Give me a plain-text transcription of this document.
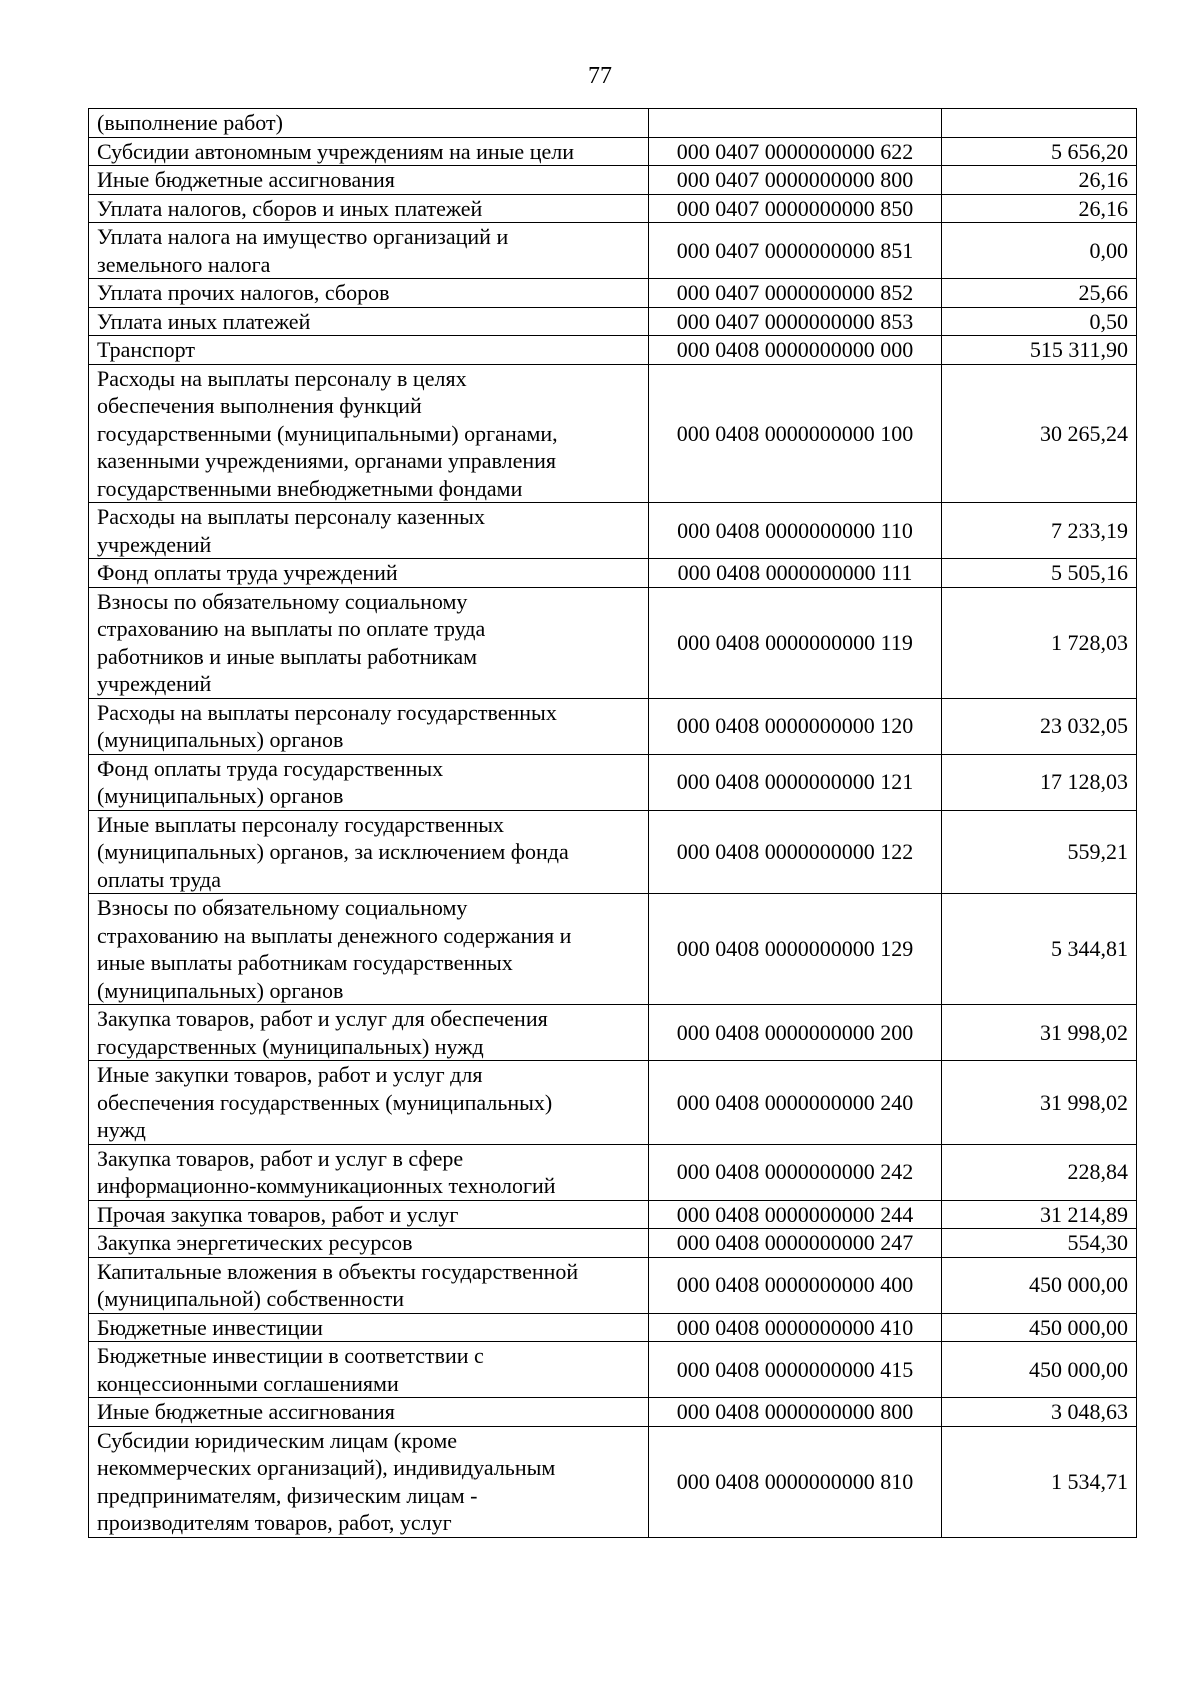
77
(выполнение работ)		

Субсидии автономным учреждениям на иные цели	000 0407 0000000000 622	5 656,20

Иные бюджетные ассигнования	000 0407 0000000000 800	26,16

Уплата налогов, сборов и иных платежей	000 0407 0000000000 850	26,16

Уплата налога на имущество организаций и
земельного налога	000 0407 0000000000 851	0,00

Уплата прочих налогов, сборов	000 0407 0000000000 852	25,66

Уплата иных платежей	000 0407 0000000000 853	0,50

Транспорт	000 0408 0000000000 000	515 311,90

Расходы на выплаты персоналу в целях
обеспечения выполнения функций
государственными (муниципальными) органами,
казенными учреждениями, органами управления
государственными внебюджетными фондами	000 0408 0000000000 100	30 265,24

Расходы на выплаты персоналу казенных
учреждений	000 0408 0000000000 110	7 233,19

Фонд оплаты труда учреждений	000 0408 0000000000 111	5 505,16

Взносы по обязательному социальному
страхованию на выплаты по оплате труда
работников и иные выплаты работникам
учреждений	000 0408 0000000000 119	1 728,03

Расходы на выплаты персоналу государственных
(муниципальных) органов	000 0408 0000000000 120	23 032,05

Фонд оплаты труда государственных
(муниципальных) органов	000 0408 0000000000 121	17 128,03

Иные выплаты персоналу государственных
(муниципальных) органов, за исключением фонда
оплаты труда	000 0408 0000000000 122	559,21

Взносы по обязательному социальному
страхованию на выплаты денежного содержания и
иные выплаты работникам государственных
(муниципальных) органов	000 0408 0000000000 129	5 344,81

Закупка товаров, работ и услуг для обеспечения
государственных (муниципальных) нужд	000 0408 0000000000 200	31 998,02

Иные закупки товаров, работ и услуг для
обеспечения государственных (муниципальных)
нужд	000 0408 0000000000 240	31 998,02

Закупка товаров, работ и услуг в сфере
информационно-коммуникационных технологий	000 0408 0000000000 242	228,84

Прочая закупка товаров, работ и услуг	000 0408 0000000000 244	31 214,89

Закупка энергетических ресурсов	000 0408 0000000000 247	554,30

Капитальные вложения в объекты государственной
(муниципальной) собственности	000 0408 0000000000 400	450 000,00

Бюджетные инвестиции	000 0408 0000000000 410	450 000,00

Бюджетные инвестиции в соответствии с
концессионными соглашениями	000 0408 0000000000 415	450 000,00

Иные бюджетные ассигнования	000 0408 0000000000 800	3 048,63

Субсидии юридическим лицам (кроме
некоммерческих организаций), индивидуальным
предпринимателям, физическим лицам -
производителям товаров, работ, услуг	000 0408 0000000000 810	1 534,71
